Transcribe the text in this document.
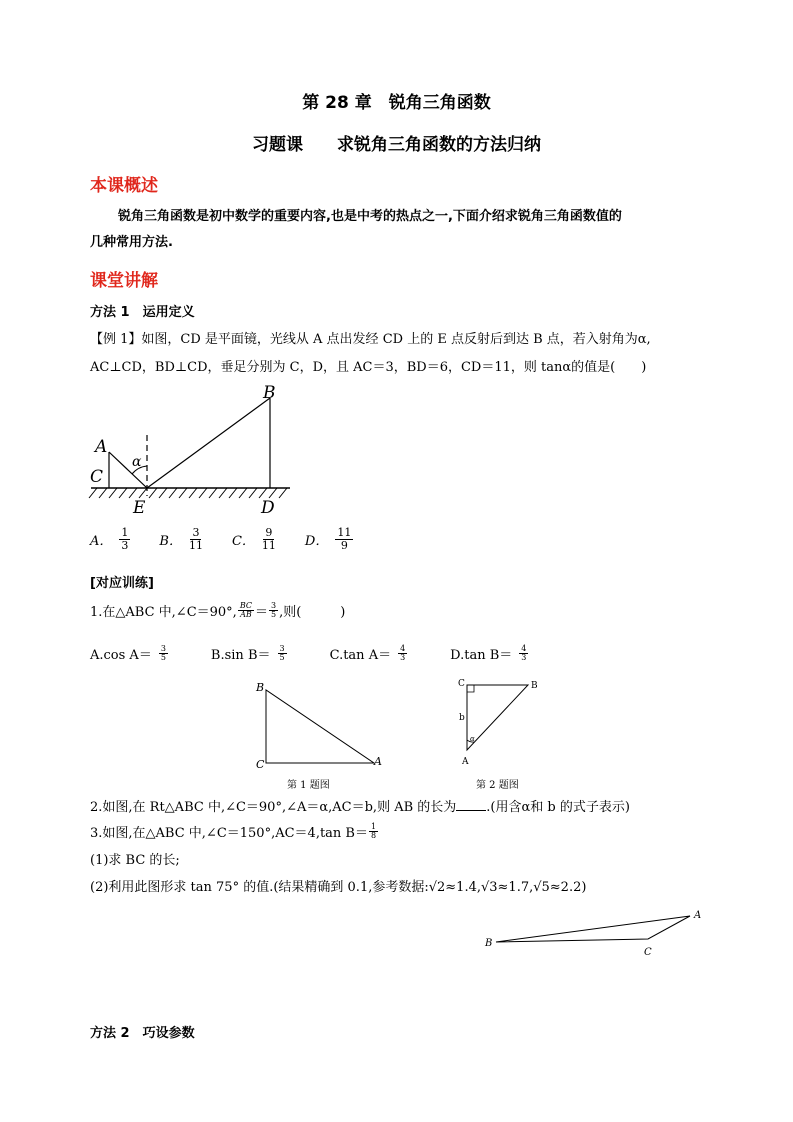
第 28 章　锐角三角函数
习题课　　求锐角三角函数的方法归纳
本课概述
锐角三角函数是初中数学的重要内容,也是中考的热点之一,下面介绍求锐角三角函数值的
几种常用方法.
课堂讲解
方法 1　运用定义
【例 1】如图，CD 是平面镜，光线从 A 点出发经 CD 上的 E 点反射后到达 B 点，若入射角为α,
AC⊥CD，BD⊥CD，垂足分别为 C，D，且 AC＝3，BD＝6，CD＝11，则 tanα的值是(　　)
A
C
B
D
E
α
A． $\frac{1}{3}$ B． $\frac{3}{11}$ C． $\frac{9}{11}$ D． $\frac{11}{9}$
[对应训练]
1.在△ABC 中,∠C＝90°, $\frac{BC}{AB} = \frac{3}{5}$ ,则(　　　)
A.cos $A= \frac{3}{5}$	B.sin $B= \frac{3}{5}$	C.tan $A= \frac{4}{3}$	D.tan $B= \frac{4}{3}$
B
C	A
第 1 题图
C	B
A
b
α
第 2 题图
2.如图,在 Rt△ABC 中,∠C＝90°,∠A＝α,AC＝b,则 AB 的长为 .(用含α和 b 的式子表示)
3.如图,在△ABC 中,∠C＝150°,AC＝4,tan $B= \frac{1}{8}$
(1)求 BC 的长;
(2)利用此图形求 tan 75° 的值.(结果精确到 0.1,参考数据:√2≈1.4,√3≈1.7,√5≈2.2)
B
A
C
方法 2　巧设参数
